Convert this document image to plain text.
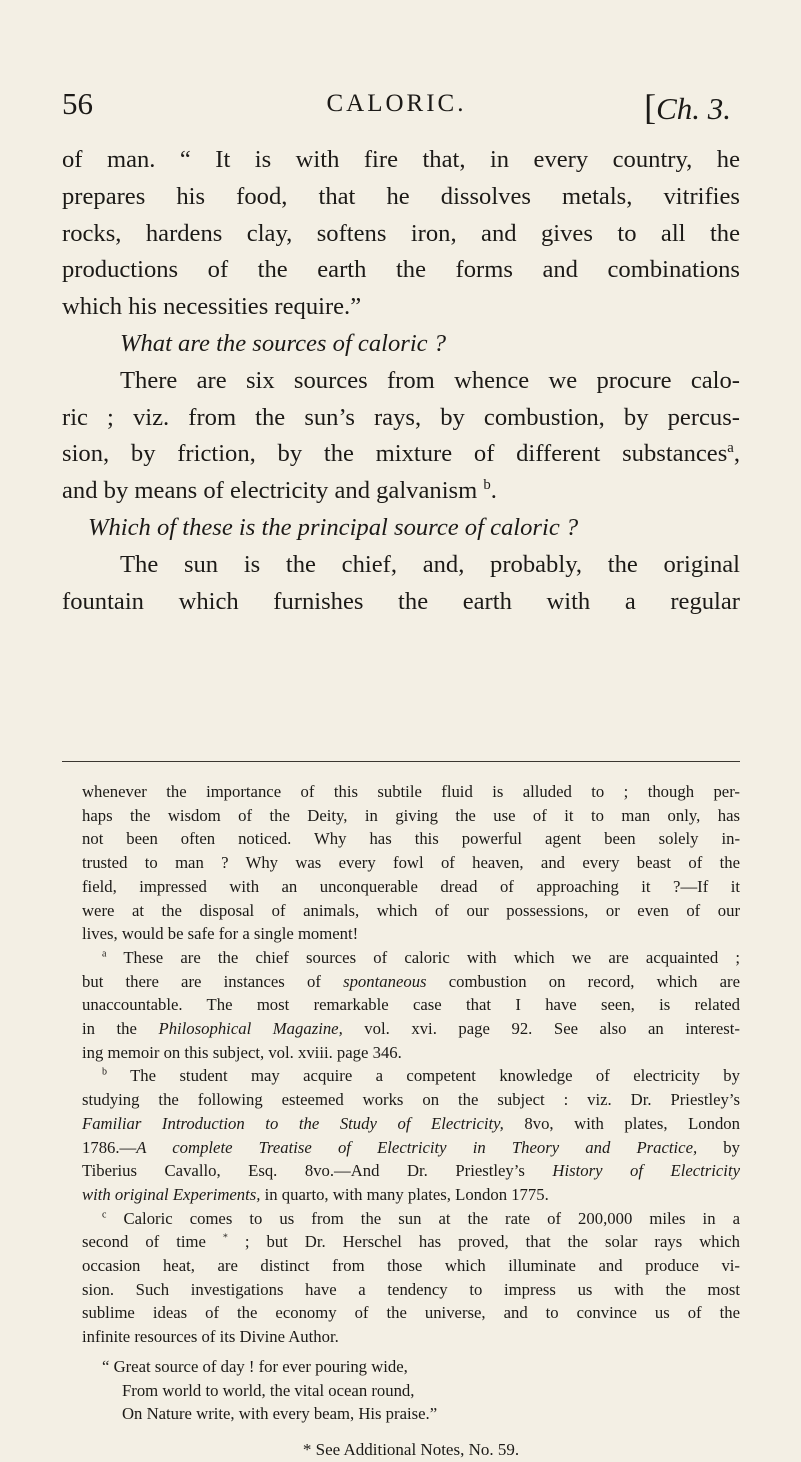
56	CALORIC.	[Ch. 3.
of man. “ It is with fire that, in every country, he
prepares his food, that he dissolves metals, vitrifies
rocks, hardens clay, softens iron, and gives to all the
productions of the earth the forms and combinations
which his necessities require.”
What are the sources of caloric ?
There are six sources from whence we procure calo-
ric ; viz. from the sun’s rays, by combustion, by percus-
sion, by friction, by the mixture of different substances$^a$,
and by means of electricity and galvanism $^b$.
Which of these is the principal source of caloric ?
The sun is the chief, and, probably, the original
fountain which furnishes the earth with a regular
whenever the importance of this subtile fluid is alluded to ; though per-
haps the wisdom of the Deity, in giving the use of it to man only, has
not been often noticed. Why has this powerful agent been solely in-
trusted to man ? Why was every fowl of heaven, and every beast of the
field, impressed with an unconquerable dread of approaching it ?—If it
were at the disposal of animals, which of our possessions, or even of our
lives, would be safe for a single moment!
$^a$ These are the chief sources of caloric with which we are acquainted ;
but there are instances of spontaneous combustion on record, which are
unaccountable. The most remarkable case that I have seen, is related
in the Philosophical Magazine, vol. xvi. page 92. See also an interest-
ing memoir on this subject, vol. xviii. page 346.
$^b$ The student may acquire a competent knowledge of electricity by
studying the following esteemed works on the subject : viz. Dr. Priestley’s
Familiar Introduction to the Study of Electricity, 8vo, with plates, London
1786.—A complete Treatise of Electricity in Theory and Practice, by
Tiberius Cavallo, Esq. 8vo.—And Dr. Priestley’s History of Electricity
with original Experiments, in quarto, with many plates, London 1775.
$^c$ Caloric comes to us from the sun at the rate of 200,000 miles in a
second of time * ; but Dr. Herschel has proved, that the solar rays which
occasion heat, are distinct from those which illuminate and produce vi-
sion. Such investigations have a tendency to impress us with the most
sublime ideas of the economy of the universe, and to convince us of the
infinite resources of its Divine Author.
“ Great source of day ! for ever pouring wide,
From world to world, the vital ocean round,
On Nature write, with every beam, His praise.”
* See Additional Notes, No. 59.
